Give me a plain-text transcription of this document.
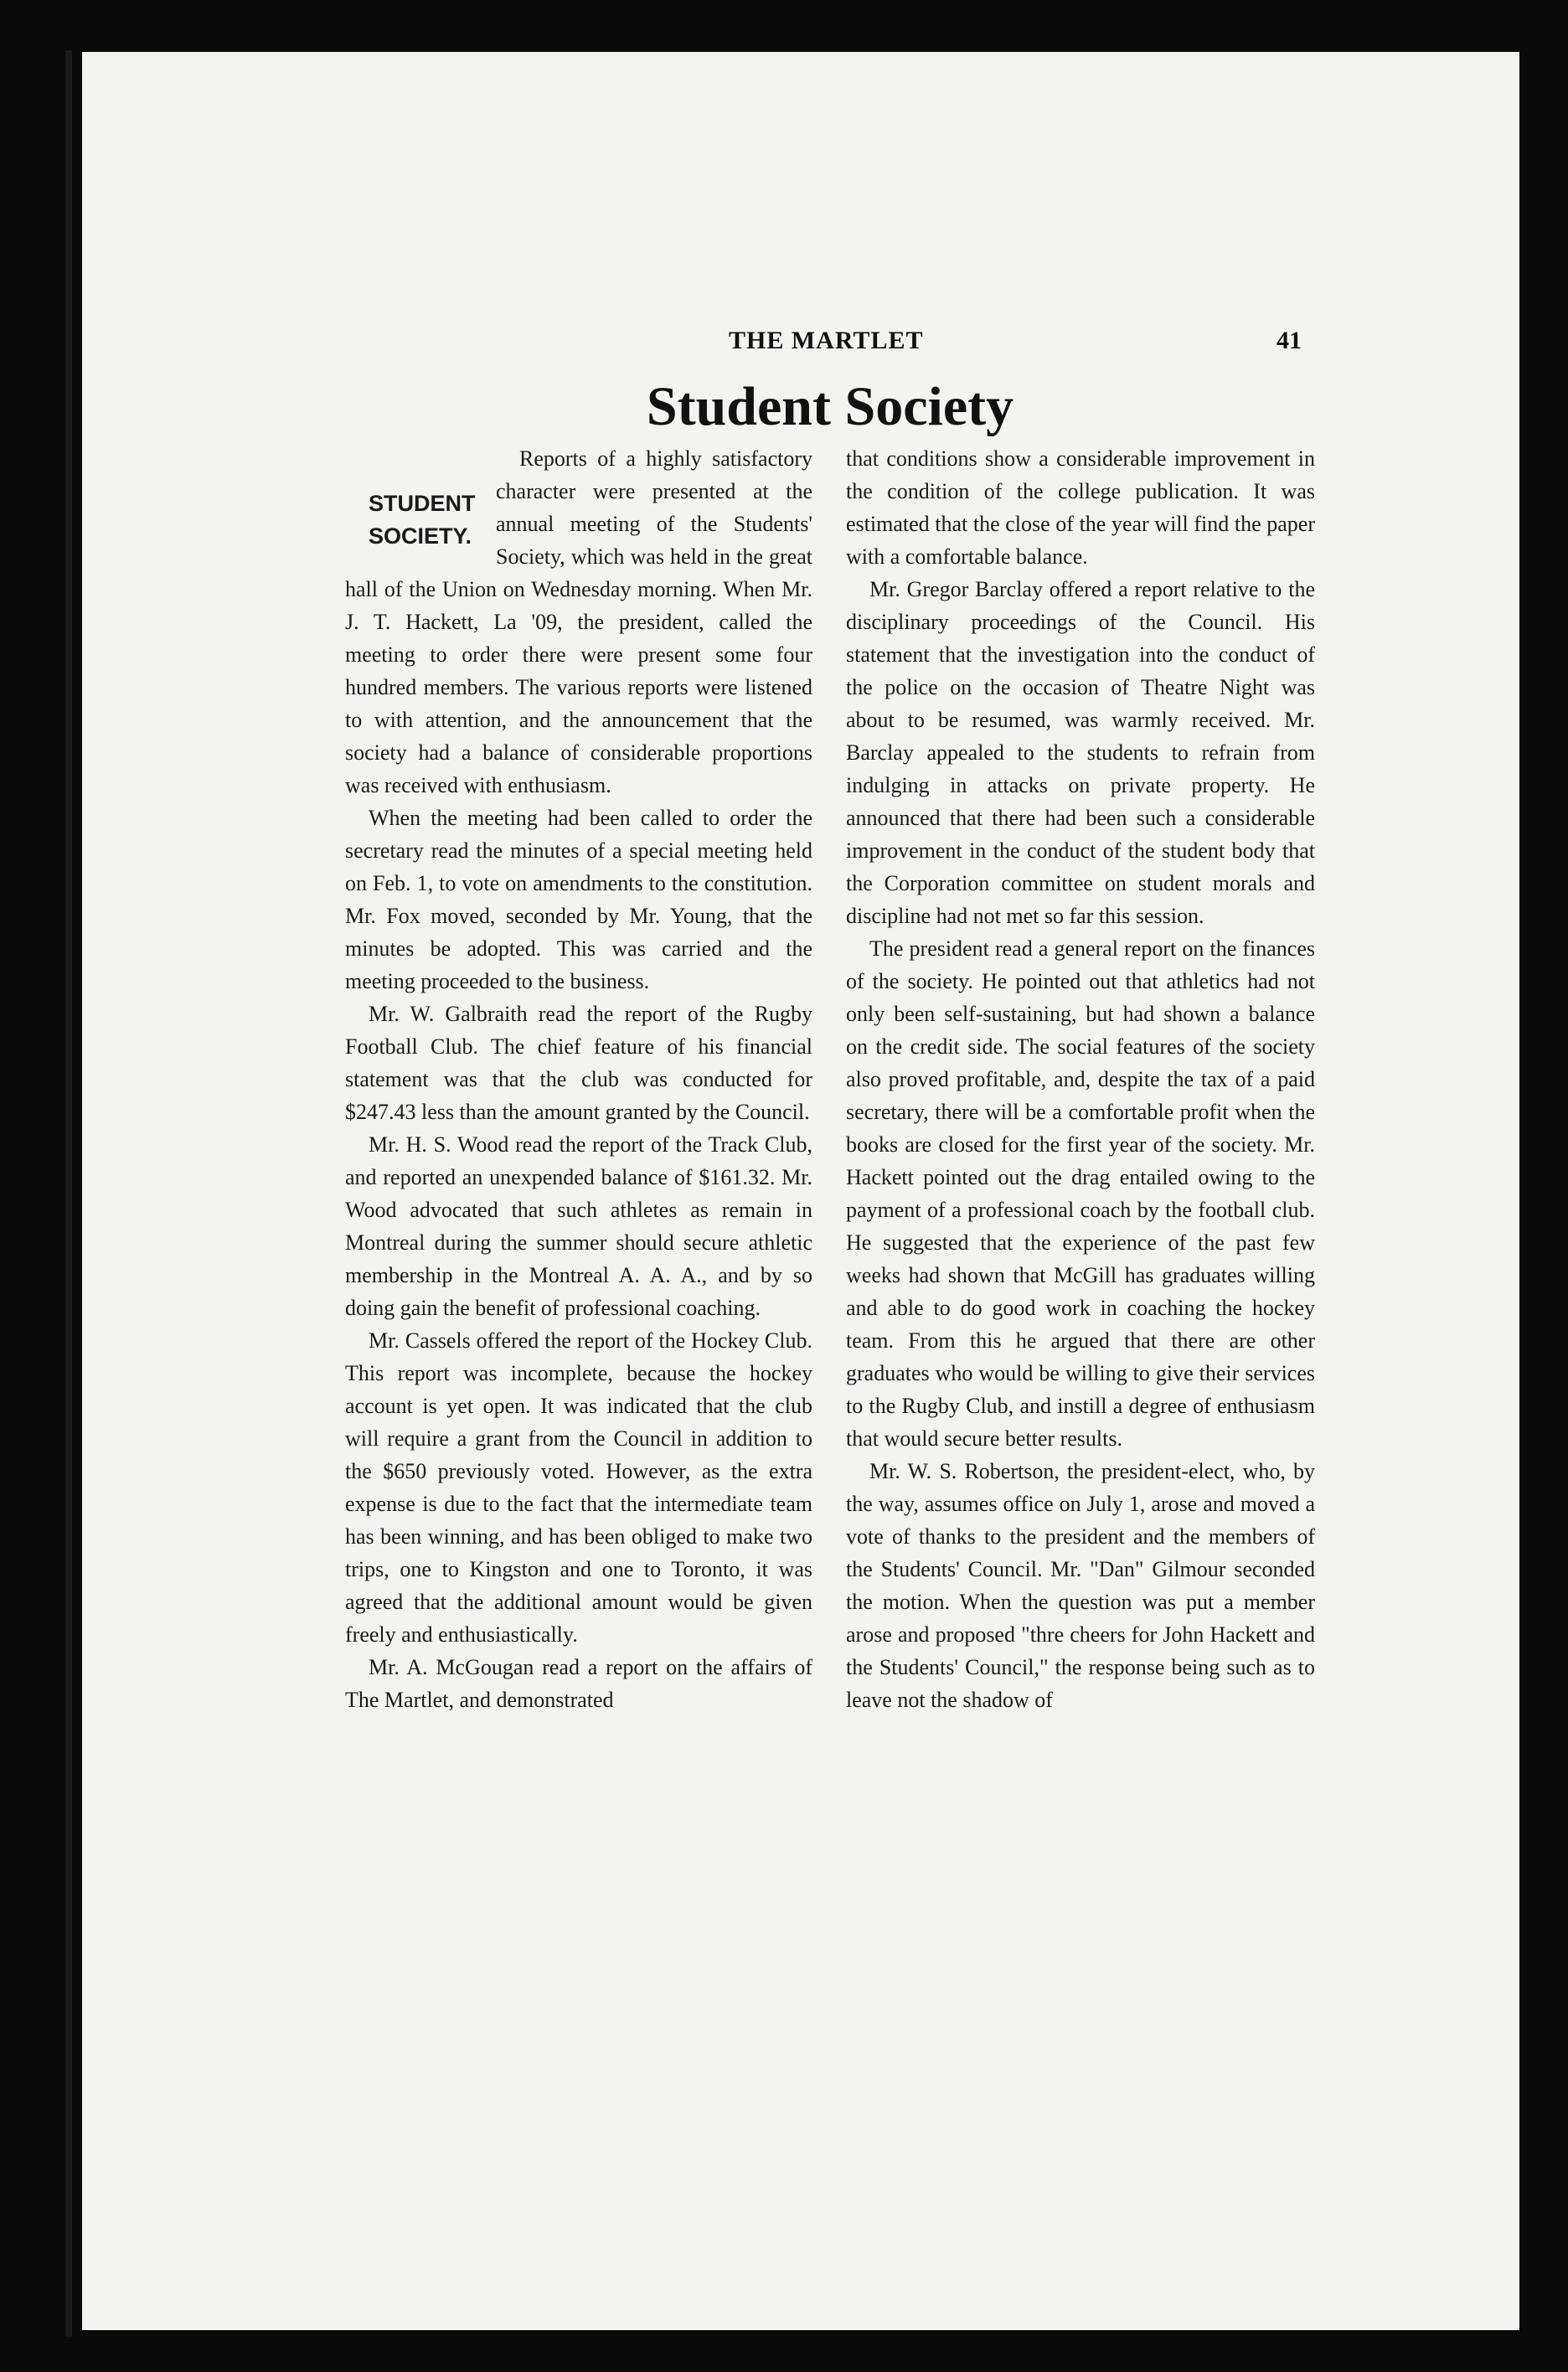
THE MARTLET	41
Student Society
STUDENT
SOCIETY.

Reports of a highly satisfactory character were presented at the annual meeting of the Students' Society, which was held in the great hall of the Union on Wednesday morning. When Mr. J. T. Hackett, La '09, the president, called the meeting to order there were present some four hundred members. The various reports were listened to with attention, and the announcement that the society had a balance of considerable proportions was received with enthusiasm.

When the meeting had been called to order the secretary read the minutes of a special meeting held on Feb. 1, to vote on amendments to the constitution. Mr. Fox moved, seconded by Mr. Young, that the minutes be adopted. This was carried and the meeting proceeded to the business.

Mr. W. Galbraith read the report of the Rugby Football Club. The chief feature of his financial statement was that the club was conducted for $247.43 less than the amount granted by the Council.

Mr. H. S. Wood read the report of the Track Club, and reported an unexpended balance of $161.32. Mr. Wood advocated that such athletes as remain in Montreal during the summer should secure athletic membership in the Montreal A. A. A., and by so doing gain the benefit of professional coaching.

Mr. Cassels offered the report of the Hockey Club. This report was incomplete, because the hockey account is yet open. It was indicated that the club will require a grant from the Council in addition to the $650 previously voted. However, as the extra expense is due to the fact that the intermediate team has been winning, and has been obliged to make two trips, one to Kingston and one to Toronto, it was agreed that the additional amount would be given freely and enthusiastically.

Mr. A. McGougan read a report on the affairs of The Martlet, and demonstrated

that conditions show a considerable improvement in the condition of the college publication. It was estimated that the close of the year will find the paper with a comfortable balance.

Mr. Gregor Barclay offered a report relative to the disciplinary proceedings of the Council. His statement that the investigation into the conduct of the police on the occasion of Theatre Night was about to be resumed, was warmly received. Mr. Barclay appealed to the students to refrain from indulging in attacks on private property. He announced that there had been such a considerable improvement in the conduct of the student body that the Corporation committee on student morals and discipline had not met so far this session.

The president read a general report on the finances of the society. He pointed out that athletics had not only been self-sustaining, but had shown a balance on the credit side. The social features of the society also proved profitable, and, despite the tax of a paid secretary, there will be a comfortable profit when the books are closed for the first year of the society. Mr. Hackett pointed out the drag entailed owing to the payment of a professional coach by the football club. He suggested that the experience of the past few weeks had shown that McGill has graduates willing and able to do good work in coaching the hockey team. From this he argued that there are other graduates who would be willing to give their services to the Rugby Club, and instill a degree of enthusiasm that would secure better results.

Mr. W. S. Robertson, the president-elect, who, by the way, assumes office on July 1, arose and moved a vote of thanks to the president and the members of the Students' Council. Mr. "Dan" Gilmour seconded the motion. When the question was put a member arose and proposed "thre cheers for John Hackett and the Students' Council," the response being such as to leave not the shadow of
